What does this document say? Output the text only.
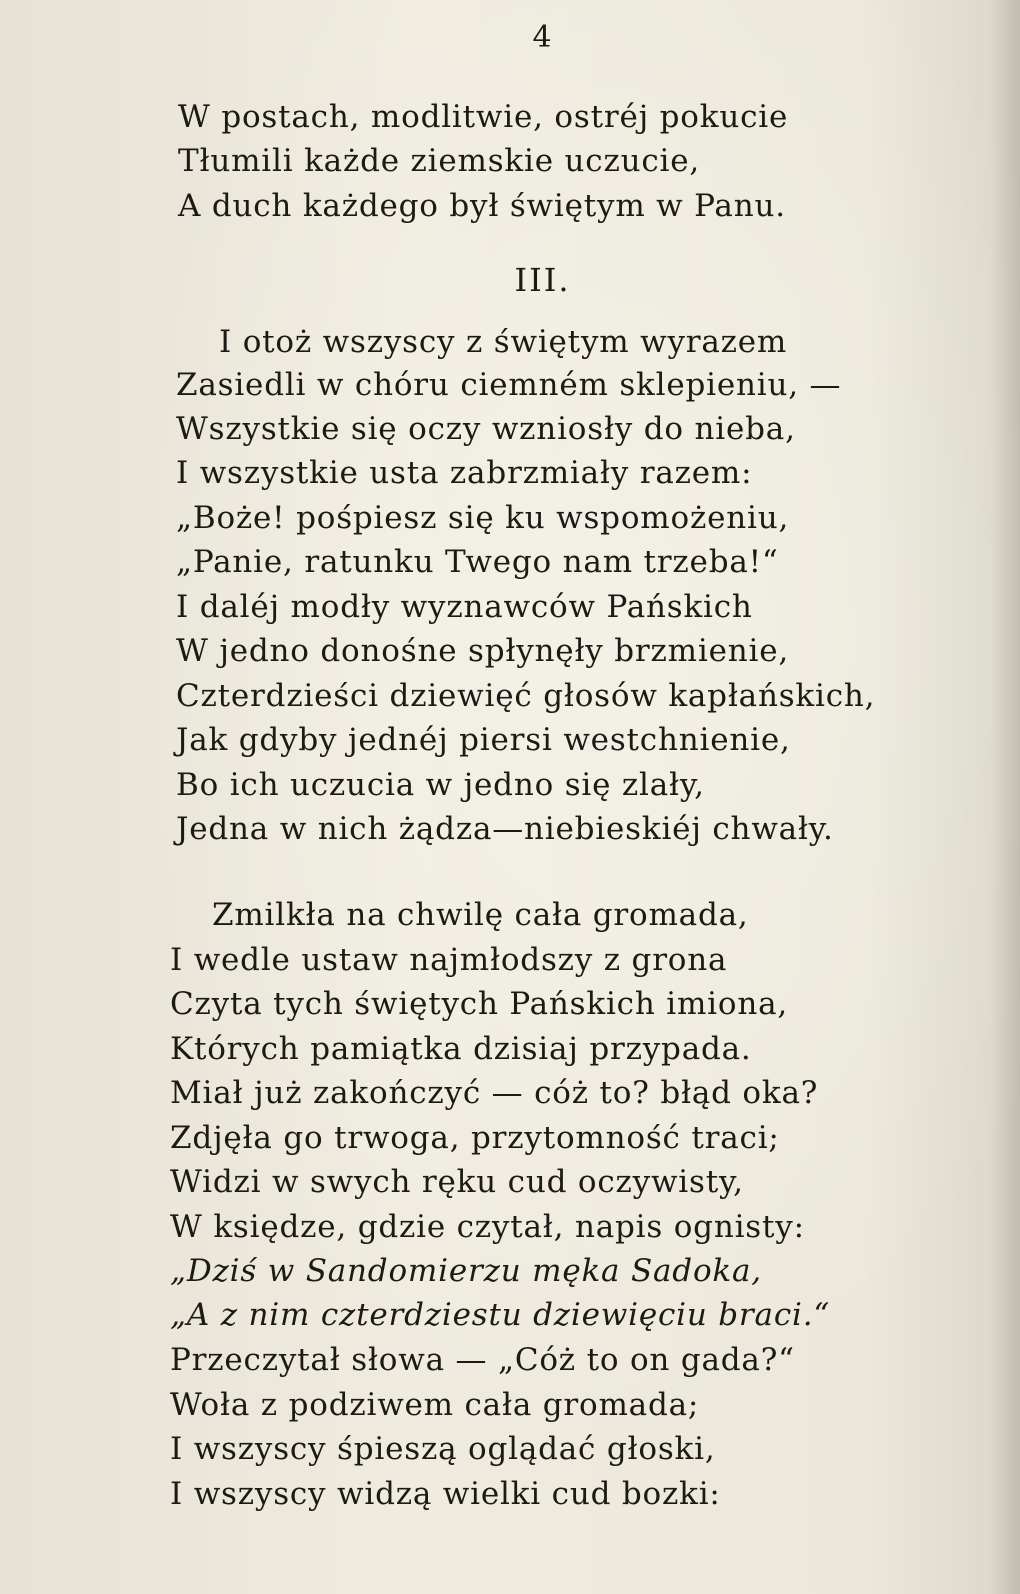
4
W postach, modlitwie, ostréj pokucie
Tłumili każde ziemskie uczucie,
A duch każdego był świętym w Panu.
III.
I otoż wszyscy z świętym wyrazem
Zasiedli w chóru ciemném sklepieniu, —
Wszystkie się oczy wzniosły do nieba,
I wszystkie usta zabrzmiały razem:
„Boże! pośpiesz się ku wspomożeniu,
„Panie, ratunku Twego nam trzeba!“
I daléj modły wyznawców Pańskich
W jedno donośne spłynęły brzmienie,
Czterdzieści dziewięć głosów kapłańskich,
Jak gdyby jednéj piersi westchnienie,
Bo ich uczucia w jedno się zlały,
Jedna w nich żądza—niebieskiéj chwały.
Zmilkła na chwilę cała gromada,
I wedle ustaw najmłodszy z grona
Czyta tych świętych Pańskich imiona,
Których pamiątka dzisiaj przypada.
Miał już zakończyć — cóż to? błąd oka?
Zdjęła go trwoga, przytomność traci;
Widzi w swych ręku cud oczywisty,
W księdze, gdzie czytał, napis ognisty:
„Dziś w Sandomierzu męka Sadoka,
„A z nim czterdziestu dziewięciu braci.“
Przeczytał słowa — „Cóż to on gada?“
Woła z podziwem cała gromada;
I wszyscy śpieszą oglądać głoski,
I wszyscy widzą wielki cud bozki:
